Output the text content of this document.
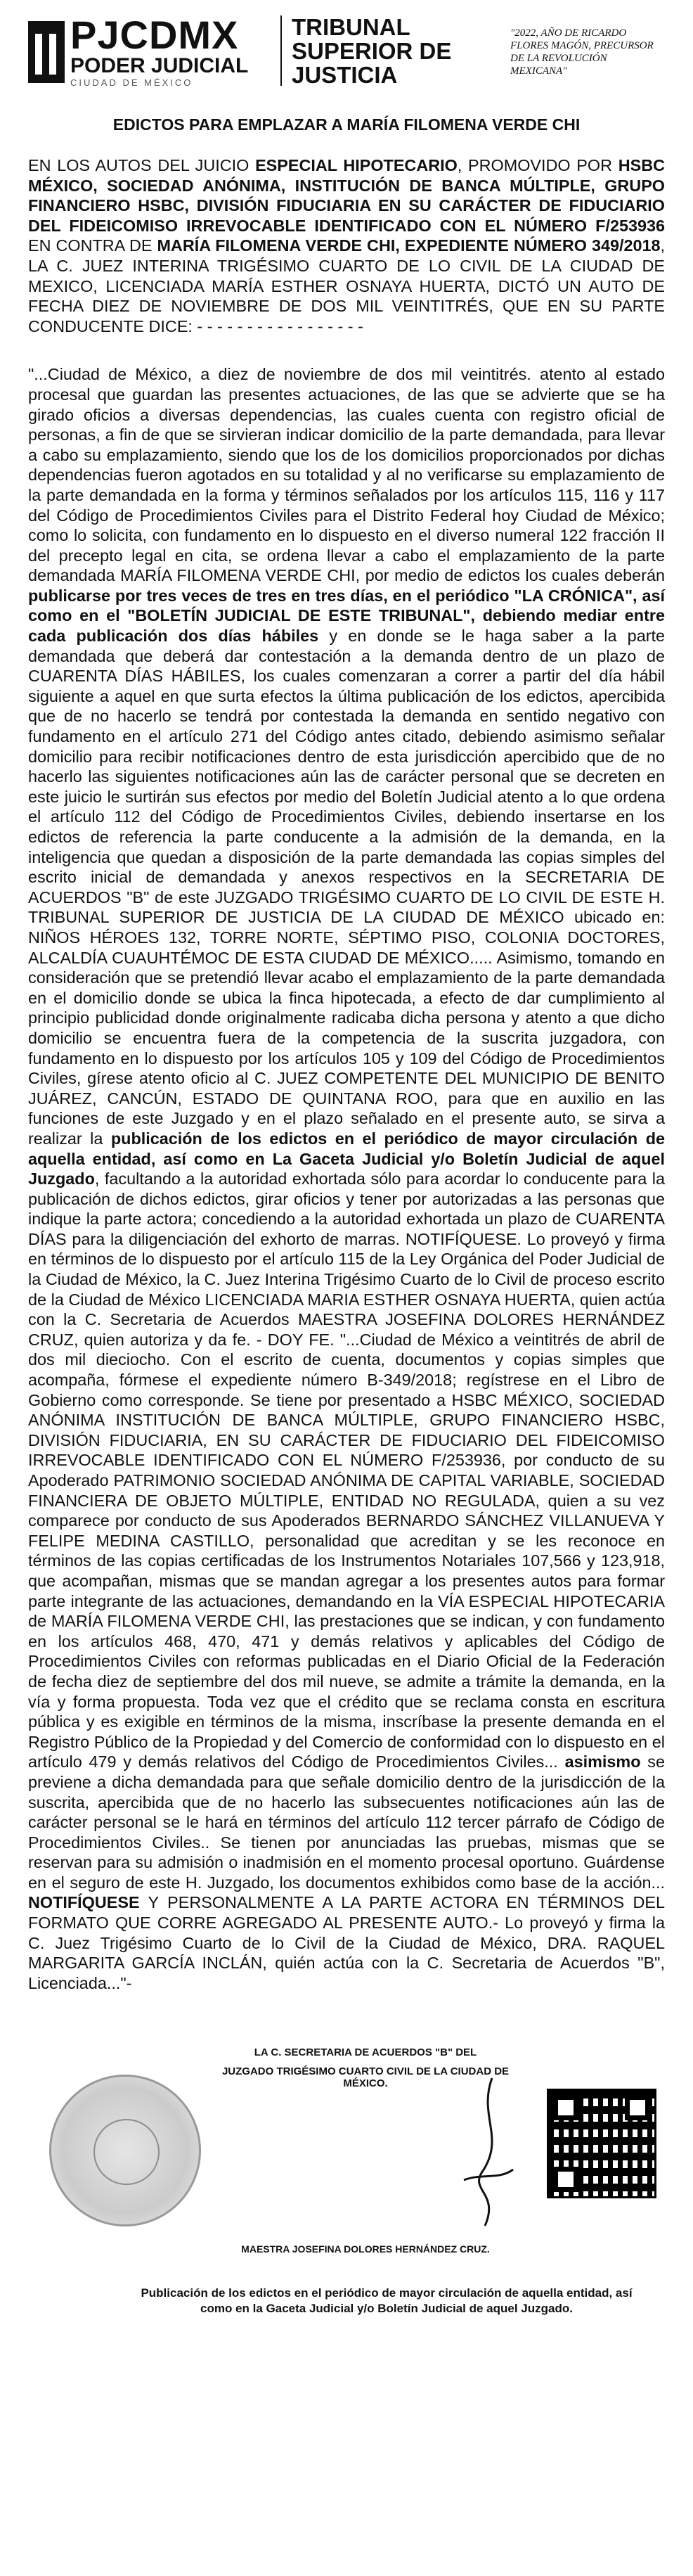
PJCDMX
PODER JUDICIAL
CIUDAD DE MÉXICO
TRIBUNAL SUPERIOR DE JUSTICIA
"2022, AÑO DE RICARDO FLORES MAGÓN, PRECURSOR DE LA REVOLUCIÓN MEXICANA"
EDICTOS PARA EMPLAZAR A MARÍA FILOMENA VERDE CHI

EN LOS AUTOS DEL JUICIO ESPECIAL HIPOTECARIO, PROMOVIDO POR HSBC MÉXICO, SOCIEDAD ANÓNIMA, INSTITUCIÓN DE BANCA MÚLTIPLE, GRUPO FINANCIERO HSBC, DIVISIÓN FIDUCIARIA EN SU CARÁCTER DE FIDUCIARIO DEL FIDEICOMISO IRREVOCABLE IDENTIFICADO CON EL NÚMERO F/253936 EN CONTRA DE MARÍA FILOMENA VERDE CHI, EXPEDIENTE NÚMERO 349/2018, LA C. JUEZ INTERINA TRIGÉSIMO CUARTO DE LO CIVIL DE LA CIUDAD DE MEXICO, LICENCIADA MARÍA ESTHER OSNAYA HUERTA, DICTÓ UN AUTO DE FECHA DIEZ DE NOVIEMBRE DE DOS MIL VEINTITRÉS, QUE EN SU PARTE CONDUCENTE DICE: - - - - - - - - - - - - - - - - -

"...Ciudad de México, a diez de noviembre de dos mil veintitrés. atento al estado procesal que guardan las presentes actuaciones, de las que se advierte que se ha girado oficios a diversas dependencias, las cuales cuenta con registro oficial de personas, a fin de que se sirvieran indicar domicilio de la parte demandada, para llevar a cabo su emplazamiento, siendo que los de los domicilios proporcionados por dichas dependencias fueron agotados en su totalidad y al no verificarse su emplazamiento de la parte demandada en la forma y términos señalados por los artículos 115, 116 y 117 del Código de Procedimientos Civiles para el Distrito Federal hoy Ciudad de México; como lo solicita, con fundamento en lo dispuesto en el diverso numeral 122 fracción II del precepto legal en cita, se ordena llevar a cabo el emplazamiento de la parte demandada MARÍA FILOMENA VERDE CHI, por medio de edictos los cuales deberán publicarse por tres veces de tres en tres días, en el periódico "LA CRÓNICA", así como en el "BOLETÍN JUDICIAL DE ESTE TRIBUNAL", debiendo mediar entre cada publicación dos días hábiles y en donde se le haga saber a la parte demandada que deberá dar contestación a la demanda dentro de un plazo de CUARENTA DÍAS HÁBILES, los cuales comenzaran a correr a partir del día hábil siguiente a aquel en que surta efectos la última publicación de los edictos, apercibida que de no hacerlo se tendrá por contestada la demanda en sentido negativo con fundamento en el artículo 271 del Código antes citado, debiendo asimismo señalar domicilio para recibir notificaciones dentro de esta jurisdicción apercibido que de no hacerlo las siguientes notificaciones aún las de carácter personal que se decreten en este juicio le surtirán sus efectos por medio del Boletín Judicial atento a lo que ordena el artículo 112 del Código de Procedimientos Civiles, debiendo insertarse en los edictos de referencia la parte conducente a la admisión de la demanda, en la inteligencia que quedan a disposición de la parte demandada las copias simples del escrito inicial de demandada y anexos respectivos en la SECRETARIA DE ACUERDOS "B" de este JUZGADO TRIGÉSIMO CUARTO DE LO CIVIL DE ESTE H. TRIBUNAL SUPERIOR DE JUSTICIA DE LA CIUDAD DE MÉXICO ubicado en: NIÑOS HÉROES 132, TORRE NORTE, SÉPTIMO PISO, COLONIA DOCTORES, ALCALDÍA CUAUHTÉMOC DE ESTA CIUDAD DE MÉXICO..... Asimismo, tomando en consideración que se pretendió llevar acabo el emplazamiento de la parte demandada en el domicilio donde se ubica la finca hipotecada, a efecto de dar cumplimiento al principio publicidad donde originalmente radicaba dicha persona y atento a que dicho domicilio se encuentra fuera de la competencia de la suscrita juzgadora, con fundamento en lo dispuesto por los artículos 105 y 109 del Código de Procedimientos Civiles, gírese atento oficio al C. JUEZ COMPETENTE DEL MUNICIPIO DE BENITO JUÁREZ, CANCÚN, ESTADO DE QUINTANA ROO, para que en auxilio en las funciones de este Juzgado y en el plazo señalado en el presente auto, se sirva a realizar la publicación de los edictos en el periódico de mayor circulación de aquella entidad, así como en La Gaceta Judicial y/o Boletín Judicial de aquel Juzgado, facultando a la autoridad exhortada sólo para acordar lo conducente para la publicación de dichos edictos, girar oficios y tener por autorizadas a las personas que indique la parte actora; concediendo a la autoridad exhortada un plazo de CUARENTA DÍAS para la diligenciación del exhorto de marras. NOTIFÍQUESE. Lo proveyó y firma en términos de lo dispuesto por el artículo 115 de la Ley Orgánica del Poder Judicial de la Ciudad de México, la C. Juez Interina Trigésimo Cuarto de lo Civil de proceso escrito de la Ciudad de México LICENCIADA MARIA ESTHER OSNAYA HUERTA, quien actúa con la C. Secretaria de Acuerdos MAESTRA JOSEFINA DOLORES HERNÁNDEZ CRUZ, quien autoriza y da fe. - DOY FE. "...Ciudad de México a veintitrés de abril de dos mil dieciocho. Con el escrito de cuenta, documentos y copias simples que acompaña, fórmese el expediente número B-349/2018; regístrese en el Libro de Gobierno como corresponde. Se tiene por presentado a HSBC MÉXICO, SOCIEDAD ANÓNIMA INSTITUCIÓN DE BANCA MÚLTIPLE, GRUPO FINANCIERO HSBC, DIVISIÓN FIDUCIARIA, EN SU CARÁCTER DE FIDUCIARIO DEL FIDEICOMISO IRREVOCABLE IDENTIFICADO CON EL NÚMERO F/253936, por conducto de su Apoderado PATRIMONIO SOCIEDAD ANÓNIMA DE CAPITAL VARIABLE, SOCIEDAD FINANCIERA DE OBJETO MÚLTIPLE, ENTIDAD NO REGULADA, quien a su vez comparece por conducto de sus Apoderados BERNARDO SÁNCHEZ VILLANUEVA Y FELIPE MEDINA CASTILLO, personalidad que acreditan y se les reconoce en términos de las copias certificadas de los Instrumentos Notariales 107,566 y 123,918, que acompañan, mismas que se mandan agregar a los presentes autos para formar parte integrante de las actuaciones, demandando en la VÍA ESPECIAL HIPOTECARIA de MARÍA FILOMENA VERDE CHI, las prestaciones que se indican, y con fundamento en los artículos 468, 470, 471 y demás relativos y aplicables del Código de Procedimientos Civiles con reformas publicadas en el Diario Oficial de la Federación de fecha diez de septiembre del dos mil nueve, se admite a trámite la demanda, en la vía y forma propuesta. Toda vez que el crédito que se reclama consta en escritura pública y es exigible en términos de la misma, inscríbase la presente demanda en el Registro Público de la Propiedad y del Comercio de conformidad con lo dispuesto en el artículo 479 y demás relativos del Código de Procedimientos Civiles... asimismo se previene a dicha demandada para que señale domicilio dentro de la jurisdicción de la suscrita, apercibida que de no hacerlo las subsecuentes notificaciones aún las de carácter personal se le hará en términos del artículo 112 tercer párrafo de Código de Procedimientos Civiles.. Se tienen por anunciadas las pruebas, mismas que se reservan para su admisión o inadmisión en el momento procesal oportuno. Guárdense en el seguro de este H. Juzgado, los documentos exhibidos como base de la acción... NOTIFÍQUESE Y PERSONALMENTE A LA PARTE ACTORA EN TÉRMINOS DEL FORMATO QUE CORRE AGREGADO AL PRESENTE AUTO.- Lo proveyó y firma la C. Juez Trigésimo Cuarto de lo Civil de la Ciudad de México, DRA. RAQUEL MARGARITA GARCÍA INCLÁN, quién actúa con la C. Secretaria de Acuerdos "B", Licenciada..."-

LA C. SECRETARIA DE ACUERDOS "B" DEL
JUZGADO TRIGÉSIMO CUARTO CIVIL DE LA CIUDAD DE MÉXICO.
MAESTRA JOSEFINA DOLORES HERNÁNDEZ CRUZ.
Publicación de los edictos en el periódico de mayor circulación de aquella entidad, así como en la Gaceta Judicial y/o Boletín Judicial de aquel Juzgado.
